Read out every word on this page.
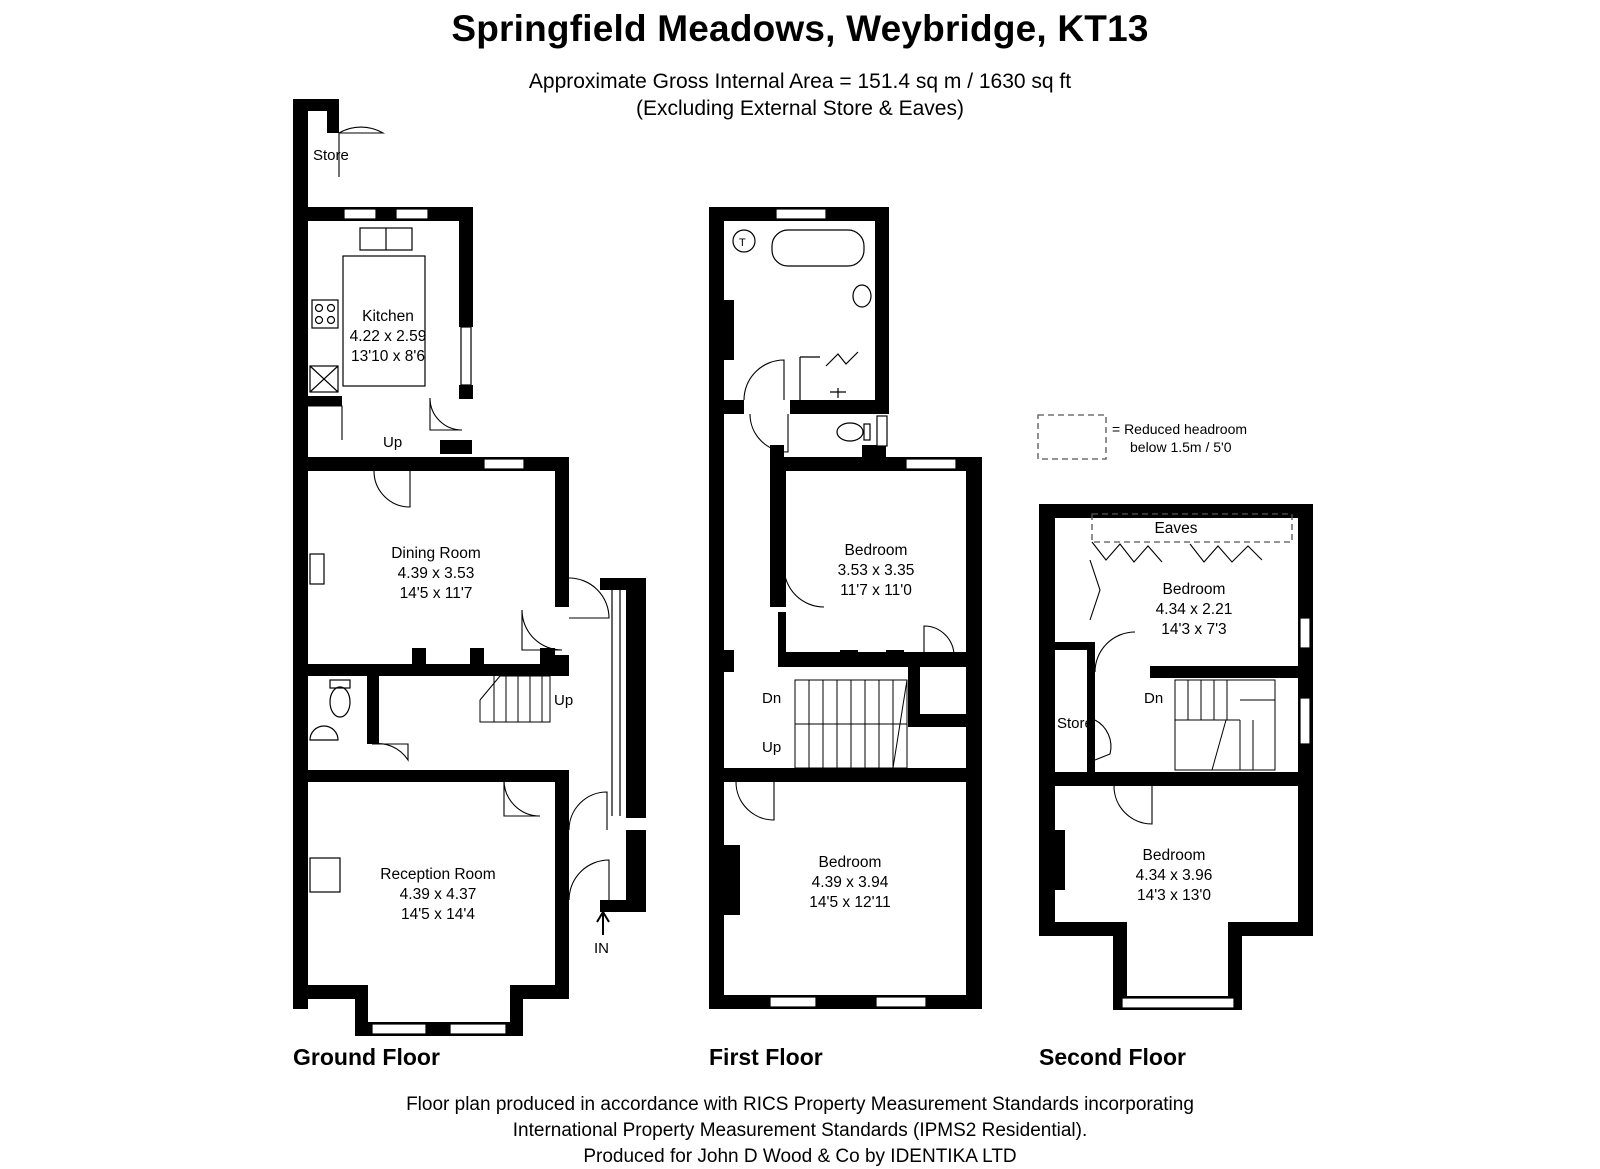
Springfield Meadows, Weybridge, KT13
Approximate Gross Internal Area = 151.4 sq m / 1630 sq ft
(Excluding External Store & Eaves)
Store
Kitchen
4.22 x 2.59
13'10 x 8'6
Up
Dining Room
4.39 x 3.53
14'5 x 11'7
Up
Reception Room
4.39 x 4.37
14'5 x 14'4
IN
Ground Floor
T
Bedroom
3.53 x 3.35
11'7 x 11'0
Dn
Up
Bedroom
4.39 x 3.94
14'5 x 12'11
First Floor
= Reduced headroom
below 1.5m / 5'0
Eaves
Bedroom
4.34 x 2.21
14'3 x 7'3
Store
Dn
Bedroom
4.34 x 3.96
14'3 x 13'0
Second Floor
Floor plan produced in accordance with RICS Property Measurement Standards incorporating
International Property Measurement Standards (IPMS2 Residential).
Produced for John D Wood & Co by IDENTIKA LTD
